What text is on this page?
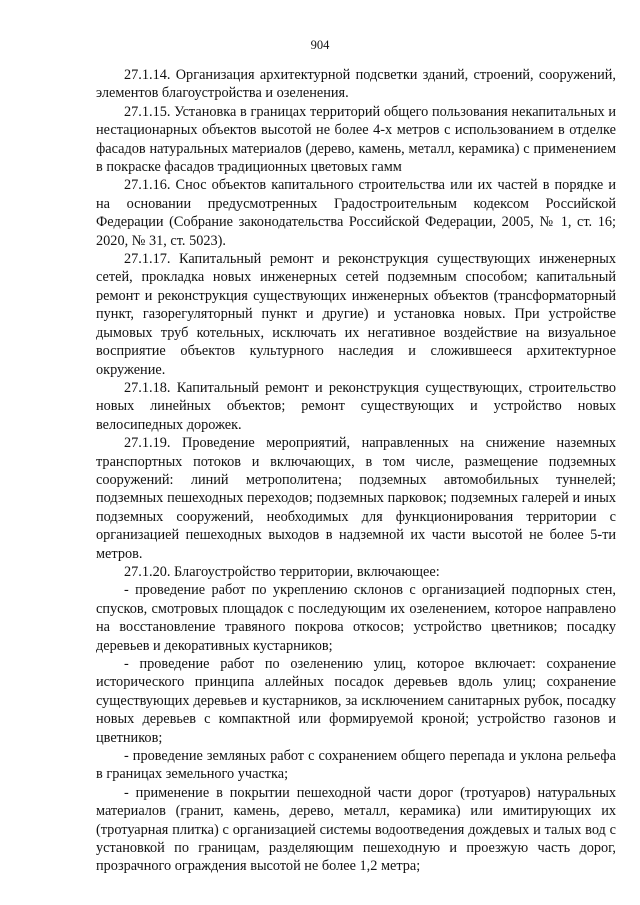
904

27.1.14. Организация архитектурной подсветки зданий, строений, сооружений, элементов благоустройства и озеленения.

27.1.15. Установка в границах территорий общего пользования некапитальных и нестационарных объектов высотой не более 4-х метров с использованием в отделке фасадов натуральных материалов (дерево, камень, металл, керамика) с применением в покраске фасадов традиционных цветовых гамм

27.1.16. Снос объектов капитального строительства или их частей в порядке и на основании предусмотренных Градостроительным кодексом Российской Федерации (Собрание законодательства Российской Федерации, 2005, № 1, ст. 16; 2020, № 31, ст. 5023).

27.1.17. Капитальный ремонт и реконструкция существующих инженерных сетей, прокладка новых инженерных сетей подземным способом; капитальный ремонт и реконструкция существующих инженерных объектов (трансформаторный пункт, газорегуляторный пункт и другие) и установка новых. При устройстве дымовых труб котельных, исключать их негативное воздействие на визуальное восприятие объектов культурного наследия и сложившееся архитектурное окружение.

27.1.18. Капитальный ремонт и реконструкция существующих, строительство новых линейных объектов; ремонт существующих и устройство новых велосипедных дорожек.

27.1.19. Проведение мероприятий, направленных на снижение наземных транспортных потоков и включающих, в том числе, размещение подземных сооружений: линий метрополитена; подземных автомобильных туннелей; подземных пешеходных переходов; подземных парковок; подземных галерей и иных подземных сооружений, необходимых для функционирования территории с организацией пешеходных выходов в надземной их части высотой не более 5-ти метров.

27.1.20. Благоустройство территории, включающее:

- проведение работ по укреплению склонов с организацией подпорных стен, спусков, смотровых площадок с последующим их озеленением, которое направлено на восстановление травяного покрова откосов; устройство цветников; посадку деревьев и декоративных кустарников;

- проведение работ по озеленению улиц, которое включает: сохранение исторического принципа аллейных посадок деревьев вдоль улиц; сохранение существующих деревьев и кустарников, за исключением санитарных рубок, посадку новых деревьев с компактной или формируемой кроной; устройство газонов и цветников;

- проведение земляных работ с сохранением общего перепада и уклона рельефа в границах земельного участка;

- применение в покрытии пешеходной части дорог (тротуаров) натуральных материалов (гранит, камень, дерево, металл, керамика) или имитирующих их (тротуарная плитка) с организацией системы водоотведения дождевых и талых вод с установкой по границам, разделяющим пешеходную и проезжую часть дорог, прозрачного ограждения высотой не более 1,2 метра;
